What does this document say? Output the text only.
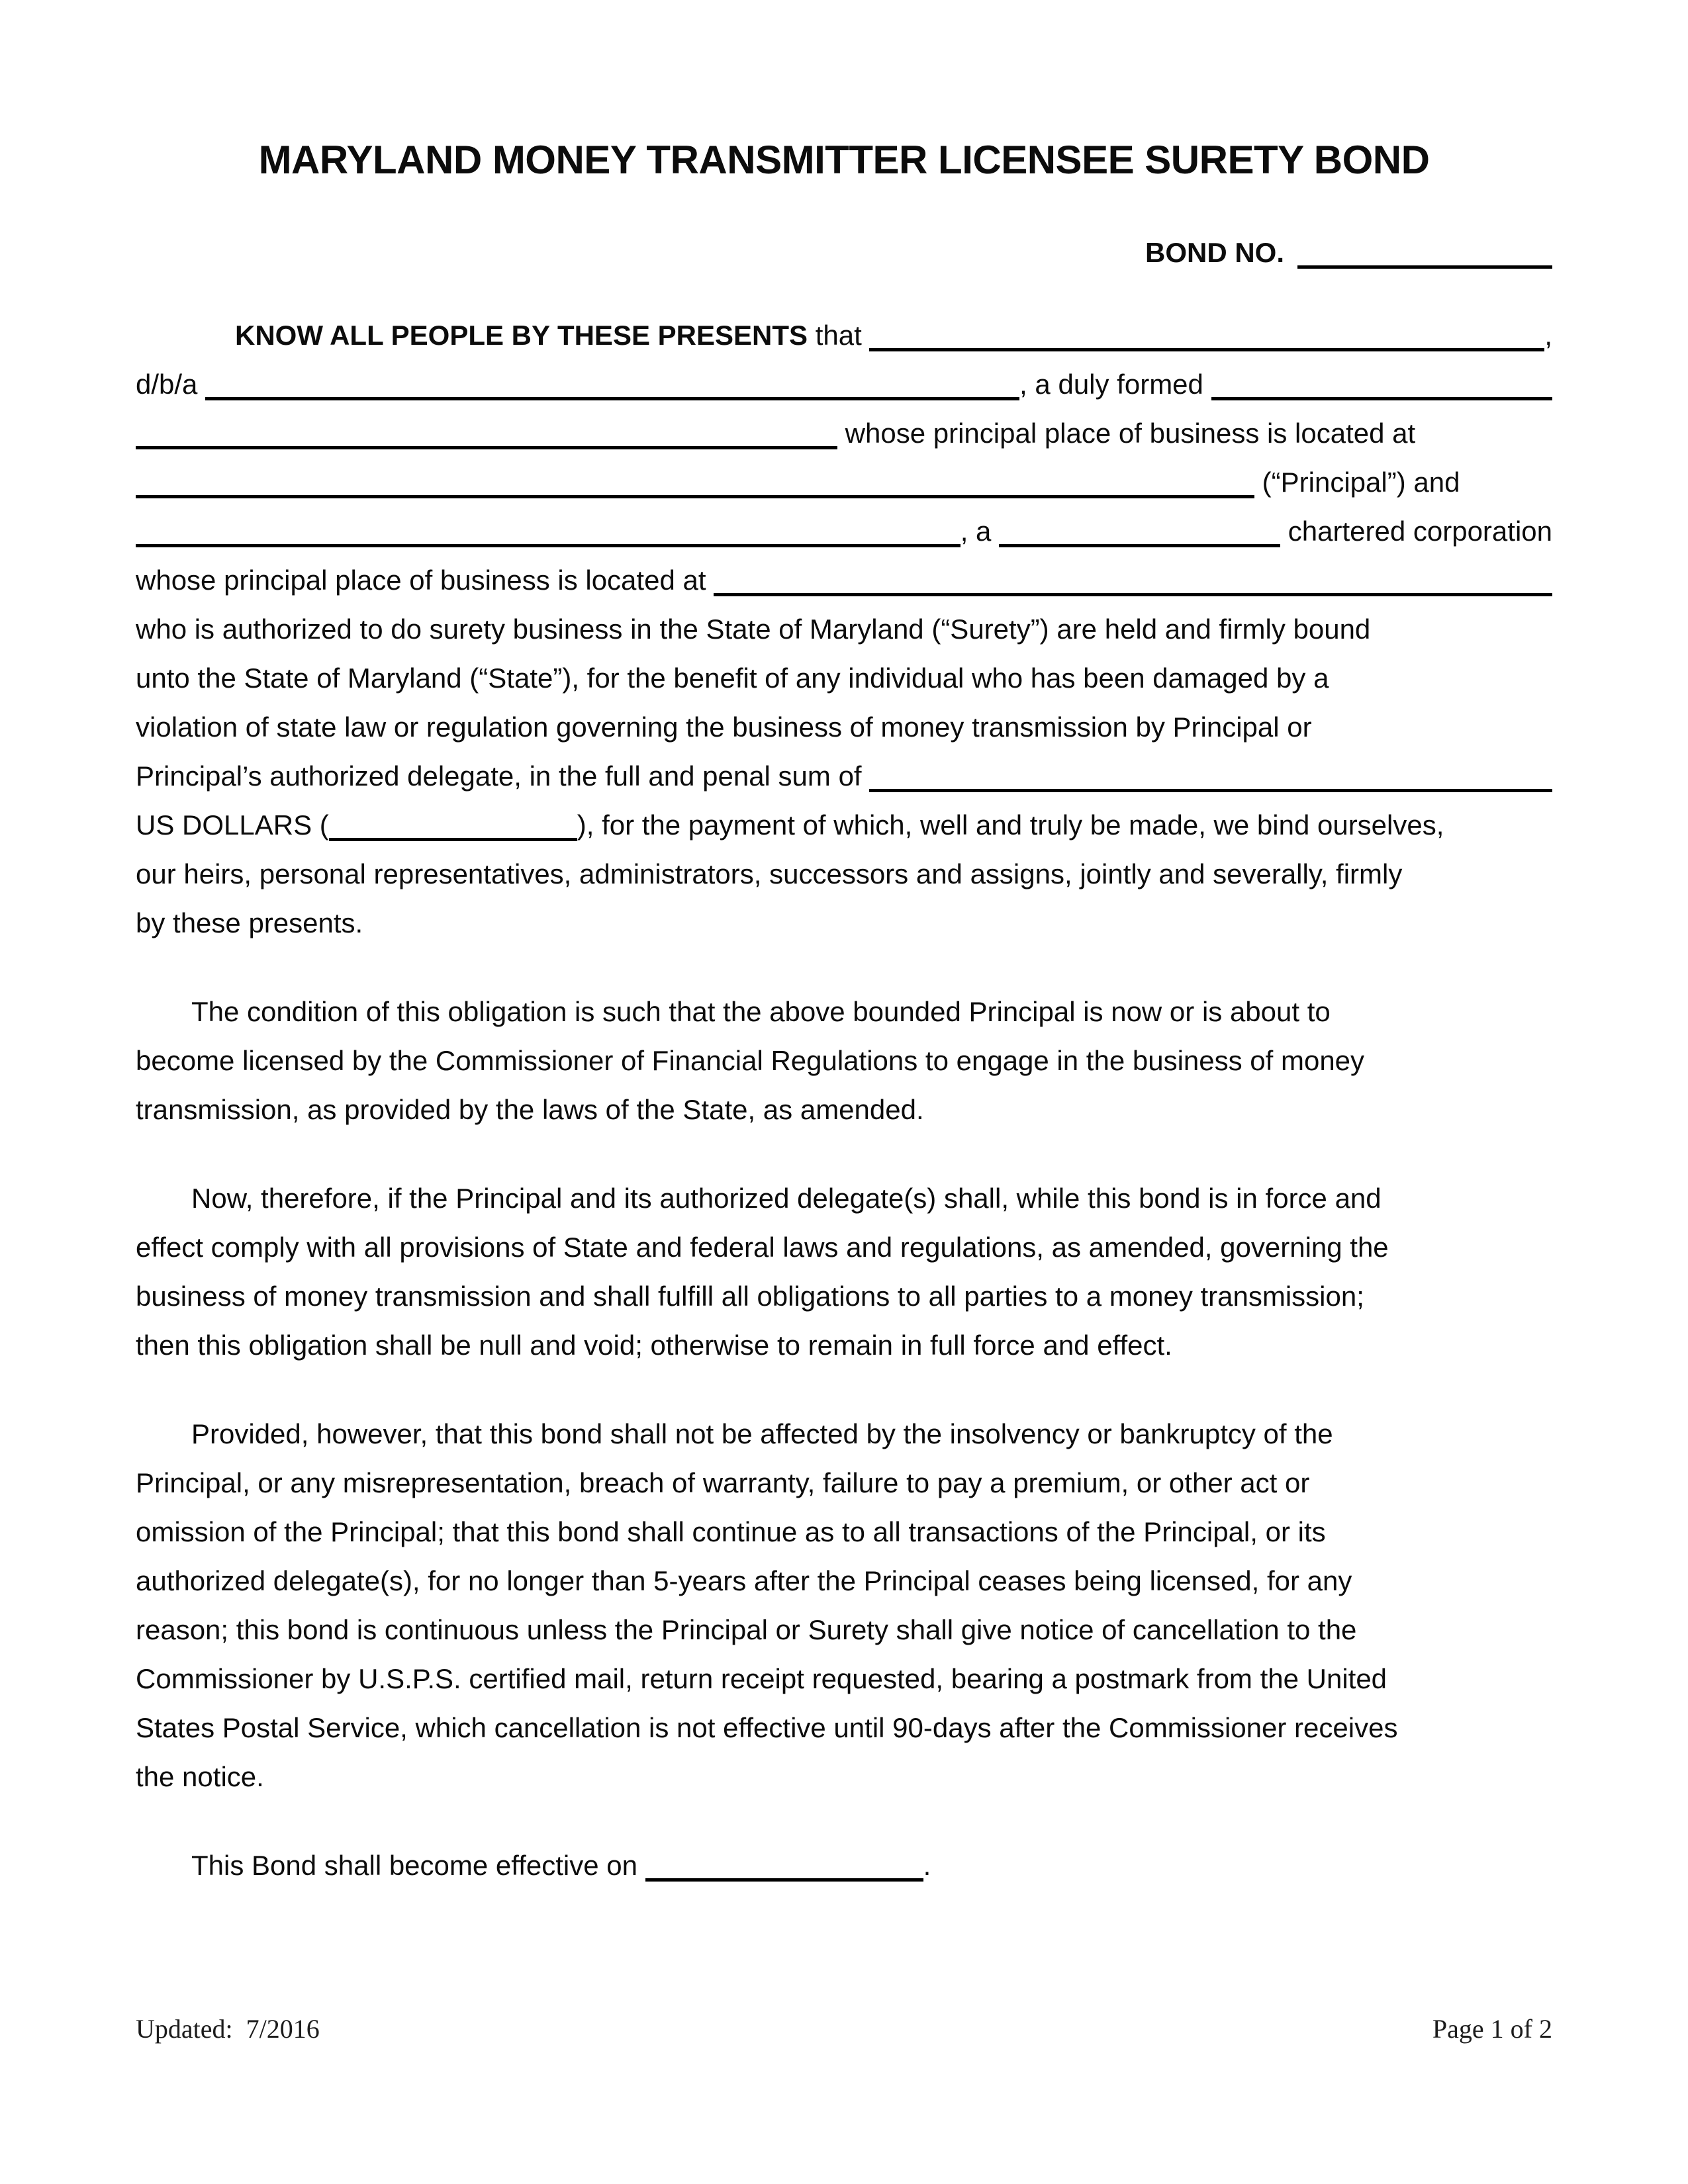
MARYLAND MONEY TRANSMITTER LICENSEE SURETY BOND
BOND NO.
KNOW ALL PEOPLE BY THESE PRESENTS that	,
d/b/a	, a duly formed
whose principal place of business is located at
(“Principal”) and
, a	chartered corporation
whose principal place of business is located at
who is authorized to do surety business in the State of Maryland (“Surety”) are held and firmly bound
unto the State of Maryland (“State”), for the benefit of any individual who has been damaged by a
violation of state law or regulation governing the business of money transmission by Principal or
Principal’s authorized delegate, in the full and penal sum of
US DOLLARS (	), for the payment of which, well and truly be made, we bind ourselves,
our heirs, personal representatives, administrators, successors and assigns, jointly and severally, firmly
by these presents.
The condition of this obligation is such that the above bounded Principal is now or is about to
become licensed by the Commissioner of Financial Regulations to engage in the business of money
transmission, as provided by the laws of the State, as amended.
Now, therefore, if the Principal and its authorized delegate(s) shall, while this bond is in force and
effect comply with all provisions of State and federal laws and regulations, as amended, governing the
business of money transmission and shall fulfill all obligations to all parties to a money transmission;
then this obligation shall be null and void; otherwise to remain in full force and effect.
Provided, however, that this bond shall not be affected by the insolvency or bankruptcy of the
Principal, or any misrepresentation, breach of warranty, failure to pay a premium, or other act or
omission of the Principal; that this bond shall continue as to all transactions of the Principal, or its
authorized delegate(s), for no longer than 5-years after the Principal ceases being licensed, for any
reason; this bond is continuous unless the Principal or Surety shall give notice of cancellation to the
Commissioner by U.S.P.S. certified mail, return receipt requested, bearing a postmark from the United
States Postal Service, which cancellation is not effective until 90-days after the Commissioner receives
the notice.
This Bond shall become effective on	.
Updated:  7/2016	Page 1 of 2
